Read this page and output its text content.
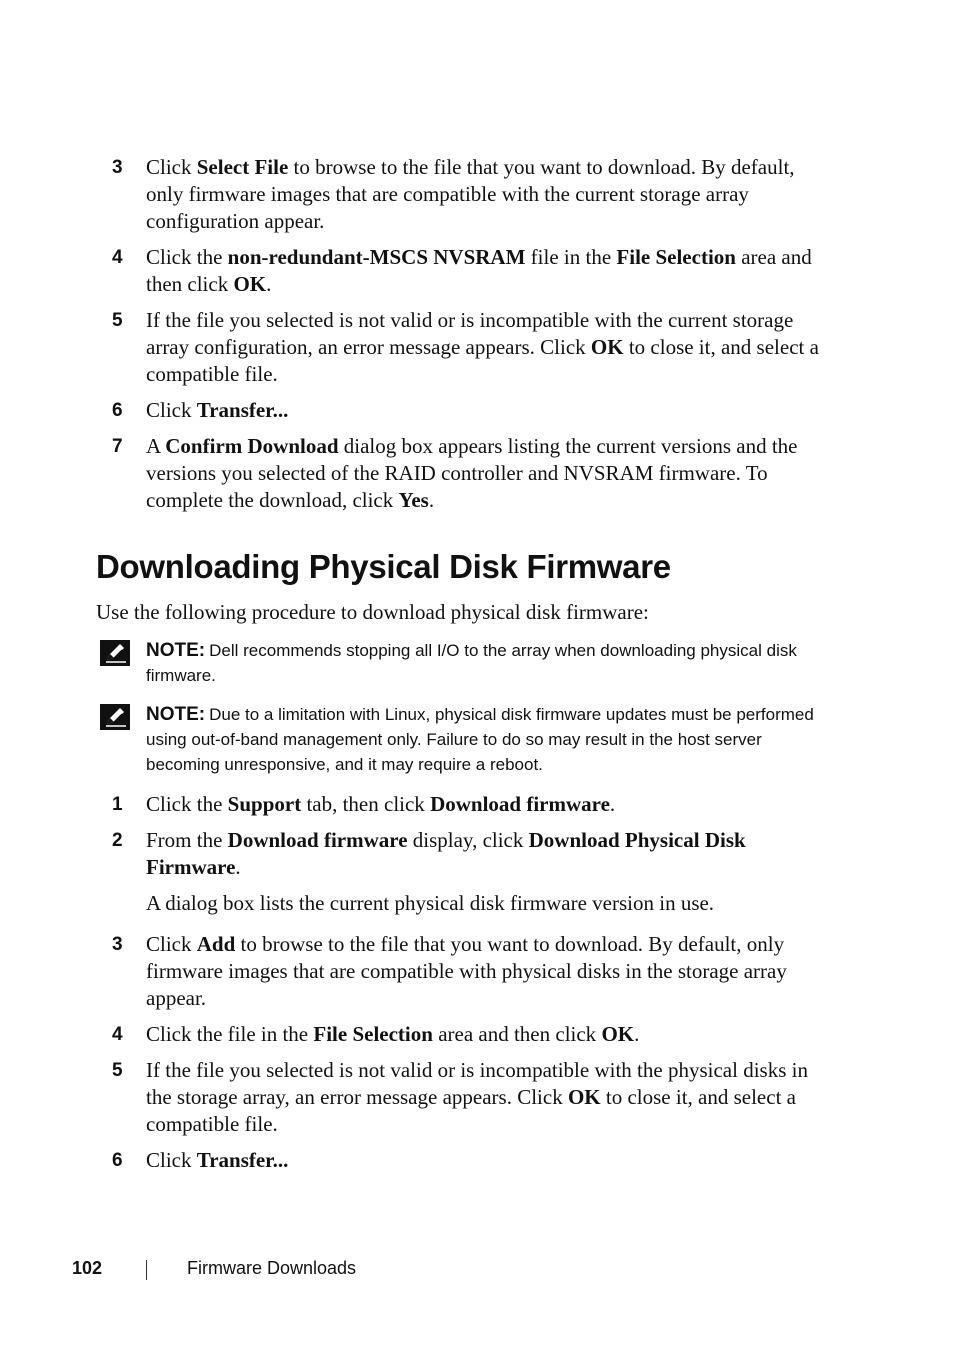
3	Click Select File to browse to the file that you want to download. By default, only firmware images that are compatible with the current storage array configuration appear.
4	Click the non-redundant-MSCS NVSRAM file in the File Selection area and then click OK.
5	If the file you selected is not valid or is incompatible with the current storage array configuration, an error message appears. Click OK to close it, and select a compatible file.
6	Click Transfer...
7	A Confirm Download dialog box appears listing the current versions and the versions you selected of the RAID controller and NVSRAM firmware. To complete the download, click Yes.
Downloading Physical Disk Firmware

Use the following procedure to download physical disk firmware:

NOTE: Dell recommends stopping all I/O to the array when downloading physical disk firmware.
NOTE: Due to a limitation with Linux, physical disk firmware updates must be performed using out-of-band management only. Failure to do so may result in the host server becoming unresponsive, and it may require a reboot.
1	Click the Support tab, then click Download firmware.
2	From the Download firmware display, click Download Physical Disk Firmware.

A dialog box lists the current physical disk firmware version in use.

3	Click Add to browse to the file that you want to download. By default, only firmware images that are compatible with physical disks in the storage array appear.
4	Click the file in the File Selection area and then click OK.
5	If the file you selected is not valid or is incompatible with the physical disks in the storage array, an error message appears. Click OK to close it, and select a compatible file.
6	Click Transfer...
102	Firmware Downloads
